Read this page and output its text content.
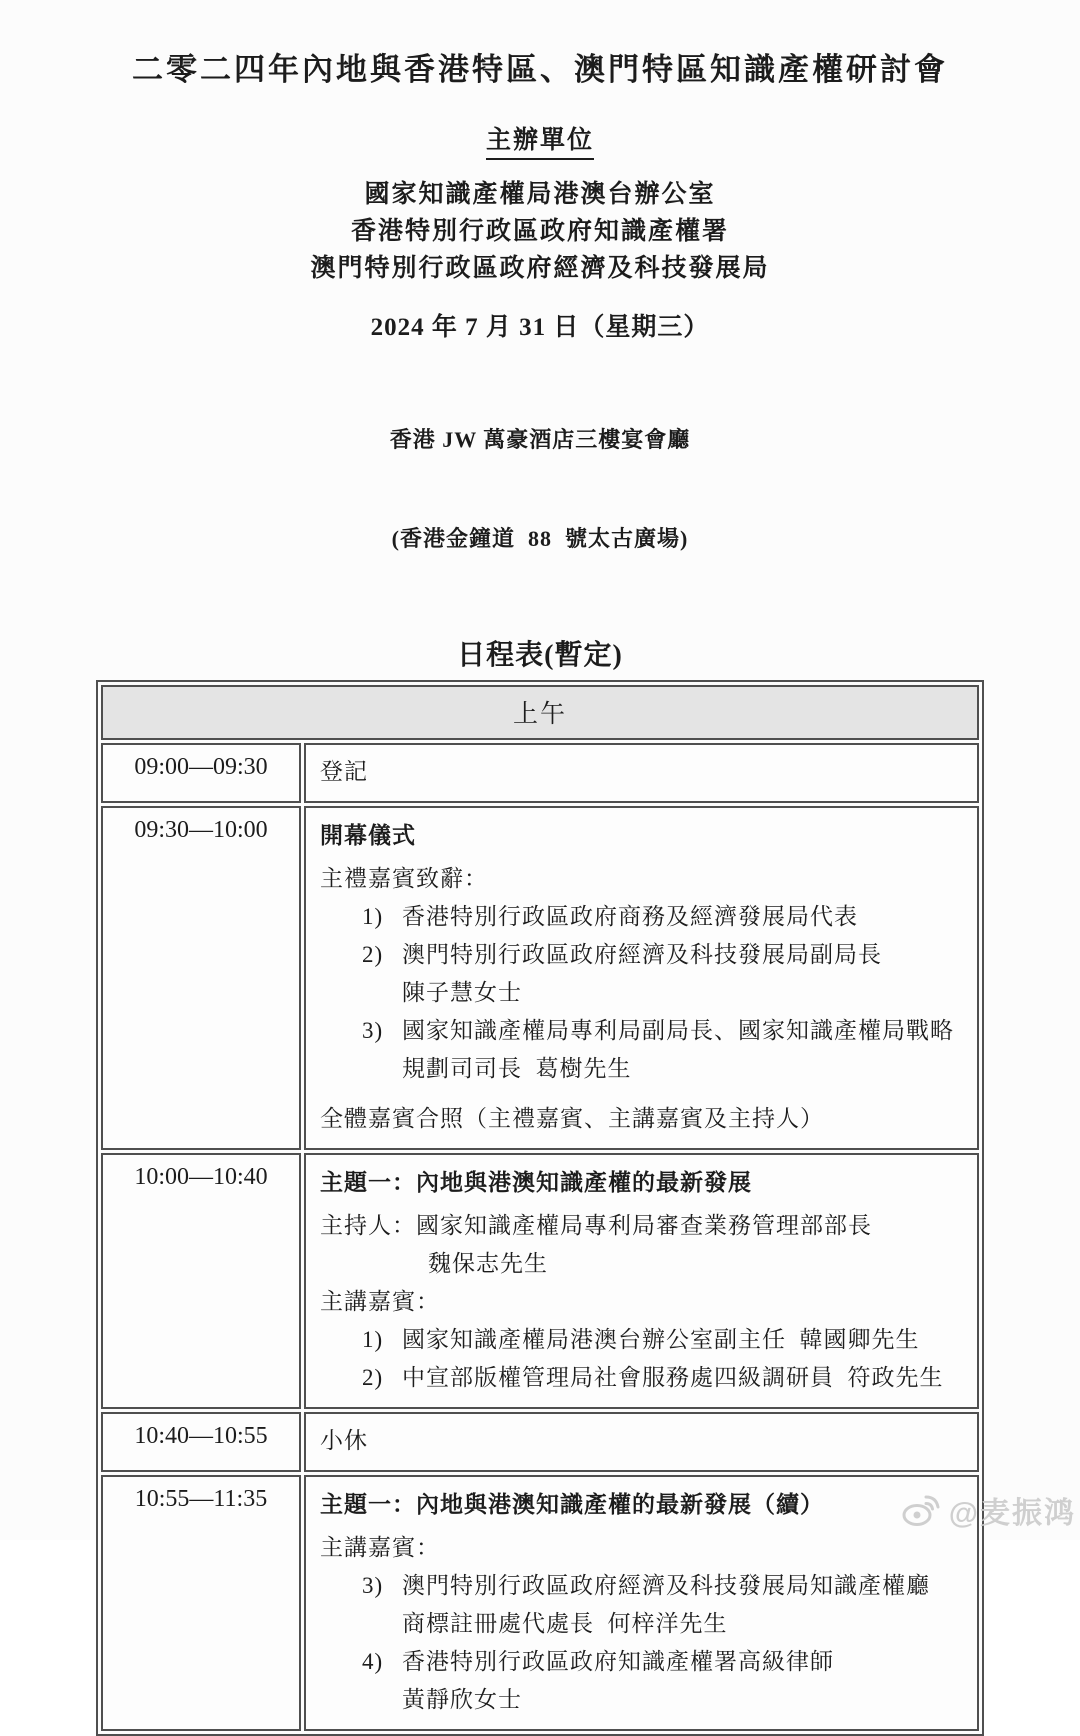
二零二四年內地與香港特區、澳門特區知識產權研討會
主辦單位
國家知識產權局港澳台辦公室
香港特別行政區政府知識產權署
澳門特別行政區政府經濟及科技發展局
2024 年 7 月 31 日（星期三）

香港 JW 萬豪酒店三樓宴會廳

(香港金鐘道  88  號太古廣場)

日程表(暫定)
上午	
09:00—09:30	登記

09:30—10:00	開幕儀式

主禮嘉賓致辭：

1) 香港特別行政區政府商務及經濟發展局代表

2) 澳門特別行政區政府經濟及科技發展局副局長

陳子慧女士

3) 國家知識產權局專利局副局長、國家知識產權局戰略

規劃司司長  葛樹先生

全體嘉賓合照（主禮嘉賓、主講嘉賓及主持人）

10:00—10:40	主題一：內地與港澳知識產權的最新發展

主持人：國家知識產權局專利局審查業務管理部部長

魏保志先生

主講嘉賓：

1) 國家知識產權局港澳台辦公室副主任  韓國卿先生

2) 中宣部版權管理局社會服務處四級調研員  符政先生

10:40—10:55	小休

10:55—11:35	主題一：內地與港澳知識產權的最新發展（續）

主講嘉賓：

3) 澳門特別行政區政府經濟及科技發展局知識產權廳

商標註冊處代處長  何梓洋先生

4) 香港特別行政區政府知識產權署高級律師

黃靜欣女士

@麦振鸿
